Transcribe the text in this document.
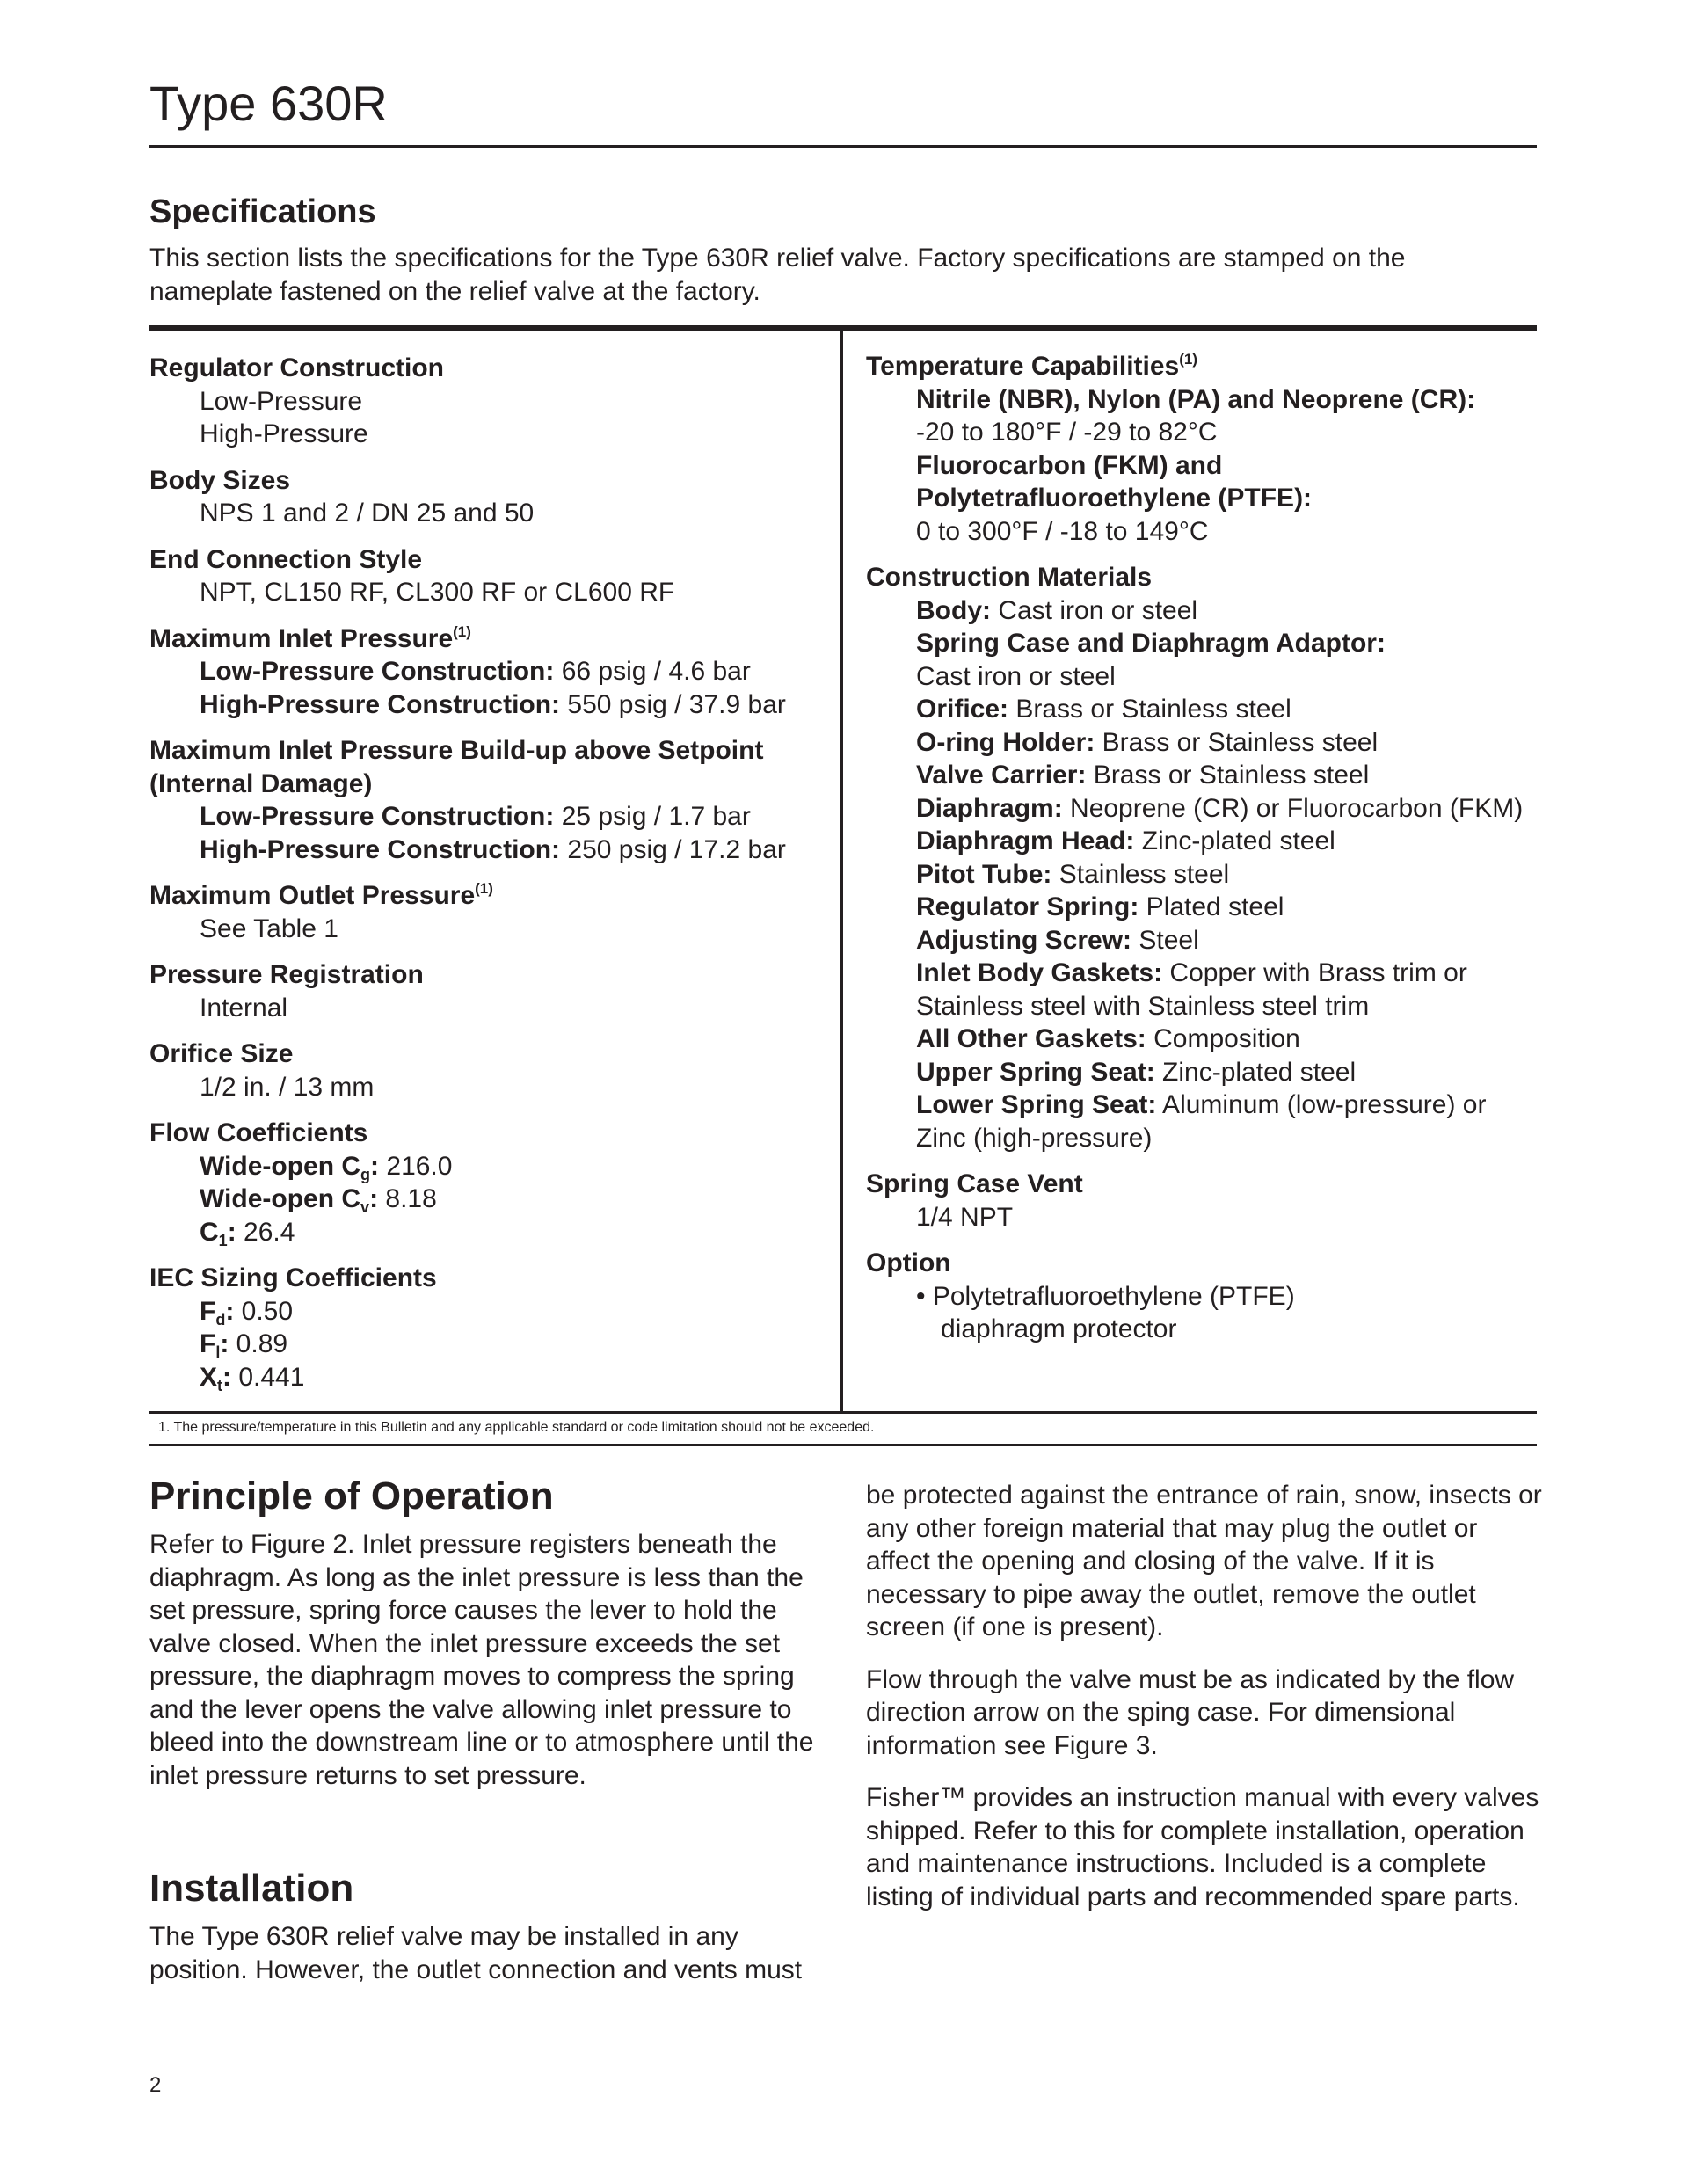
Type 630R
Specifications
This section lists the specifications for the Type 630R relief valve. Factory specifications are stamped on the nameplate fastened on the relief valve at the factory.
Regulator Construction
Low-Pressure
High-Pressure
Body Sizes
NPS 1 and 2 / DN 25 and 50
End Connection Style
NPT, CL150 RF, CL300 RF or CL600 RF
Maximum Inlet Pressure$^{(1)}$
Low-Pressure Construction: 66 psig / 4.6 bar
High-Pressure Construction: 550 psig / 37.9 bar
Maximum Inlet Pressure Build-up above Setpoint
(Internal Damage)
Low-Pressure Construction: 25 psig / 1.7 bar
High-Pressure Construction: 250 psig / 17.2 bar
Maximum Outlet Pressure$^{(1)}$
See Table 1
Pressure Registration
Internal
Orifice Size
1/2 in. / 13 mm
Flow Coefficients
Wide-open $C_g$: 216.0
Wide-open $C_v$: 8.18
$C_1$: 26.4
IEC Sizing Coefficients
$F_d$: 0.50
$F_l$: 0.89
$X_t$: 0.441
Temperature Capabilities$^{(1)}$
Nitrile (NBR), Nylon (PA) and Neoprene (CR):
-20 to 180°F / -29 to 82°C
Fluorocarbon (FKM) and
Polytetrafluoroethylene (PTFE):
0 to 300°F / -18 to 149°C
Construction Materials
Body: Cast iron or steel
Spring Case and Diaphragm Adaptor:
Cast iron or steel
Orifice: Brass or Stainless steel
O-ring Holder: Brass or Stainless steel
Valve Carrier: Brass or Stainless steel
Diaphragm: Neoprene (CR) or Fluorocarbon (FKM)
Diaphragm Head: Zinc-plated steel
Pitot Tube: Stainless steel
Regulator Spring: Plated steel
Adjusting Screw: Steel
Inlet Body Gaskets: Copper with Brass trim or
Stainless steel with Stainless steel trim
All Other Gaskets: Composition
Upper Spring Seat: Zinc-plated steel
Lower Spring Seat: Aluminum (low-pressure) or
Zinc (high-pressure)
Spring Case Vent
1/4 NPT
Option
• Polytetrafluoroethylene (PTFE) diaphragm protector
1. The pressure/temperature in this Bulletin and any applicable standard or code limitation should not be exceeded.
Principle of Operation

Refer to Figure 2. Inlet pressure registers beneath the diaphragm. As long as the inlet pressure is less than the set pressure, spring force causes the lever to hold the valve closed. When the inlet pressure exceeds the set pressure, the diaphragm moves to compress the spring and the lever opens the valve allowing inlet pressure to bleed into the downstream line or to atmosphere until the inlet pressure returns to set pressure.

Installation

The Type 630R relief valve may be installed in any position. However, the outlet connection and vents must

be protected against the entrance of rain, snow, insects or any other foreign material that may plug the outlet or affect the opening and closing of the valve. If it is necessary to pipe away the outlet, remove the outlet screen (if one is present).

Flow through the valve must be as indicated by the flow direction arrow on the sping case. For dimensional information see Figure 3.

Fisher™ provides an instruction manual with every valves shipped. Refer to this for complete installation, operation and maintenance instructions. Included is a complete listing of individual parts and recommended spare parts.

2
